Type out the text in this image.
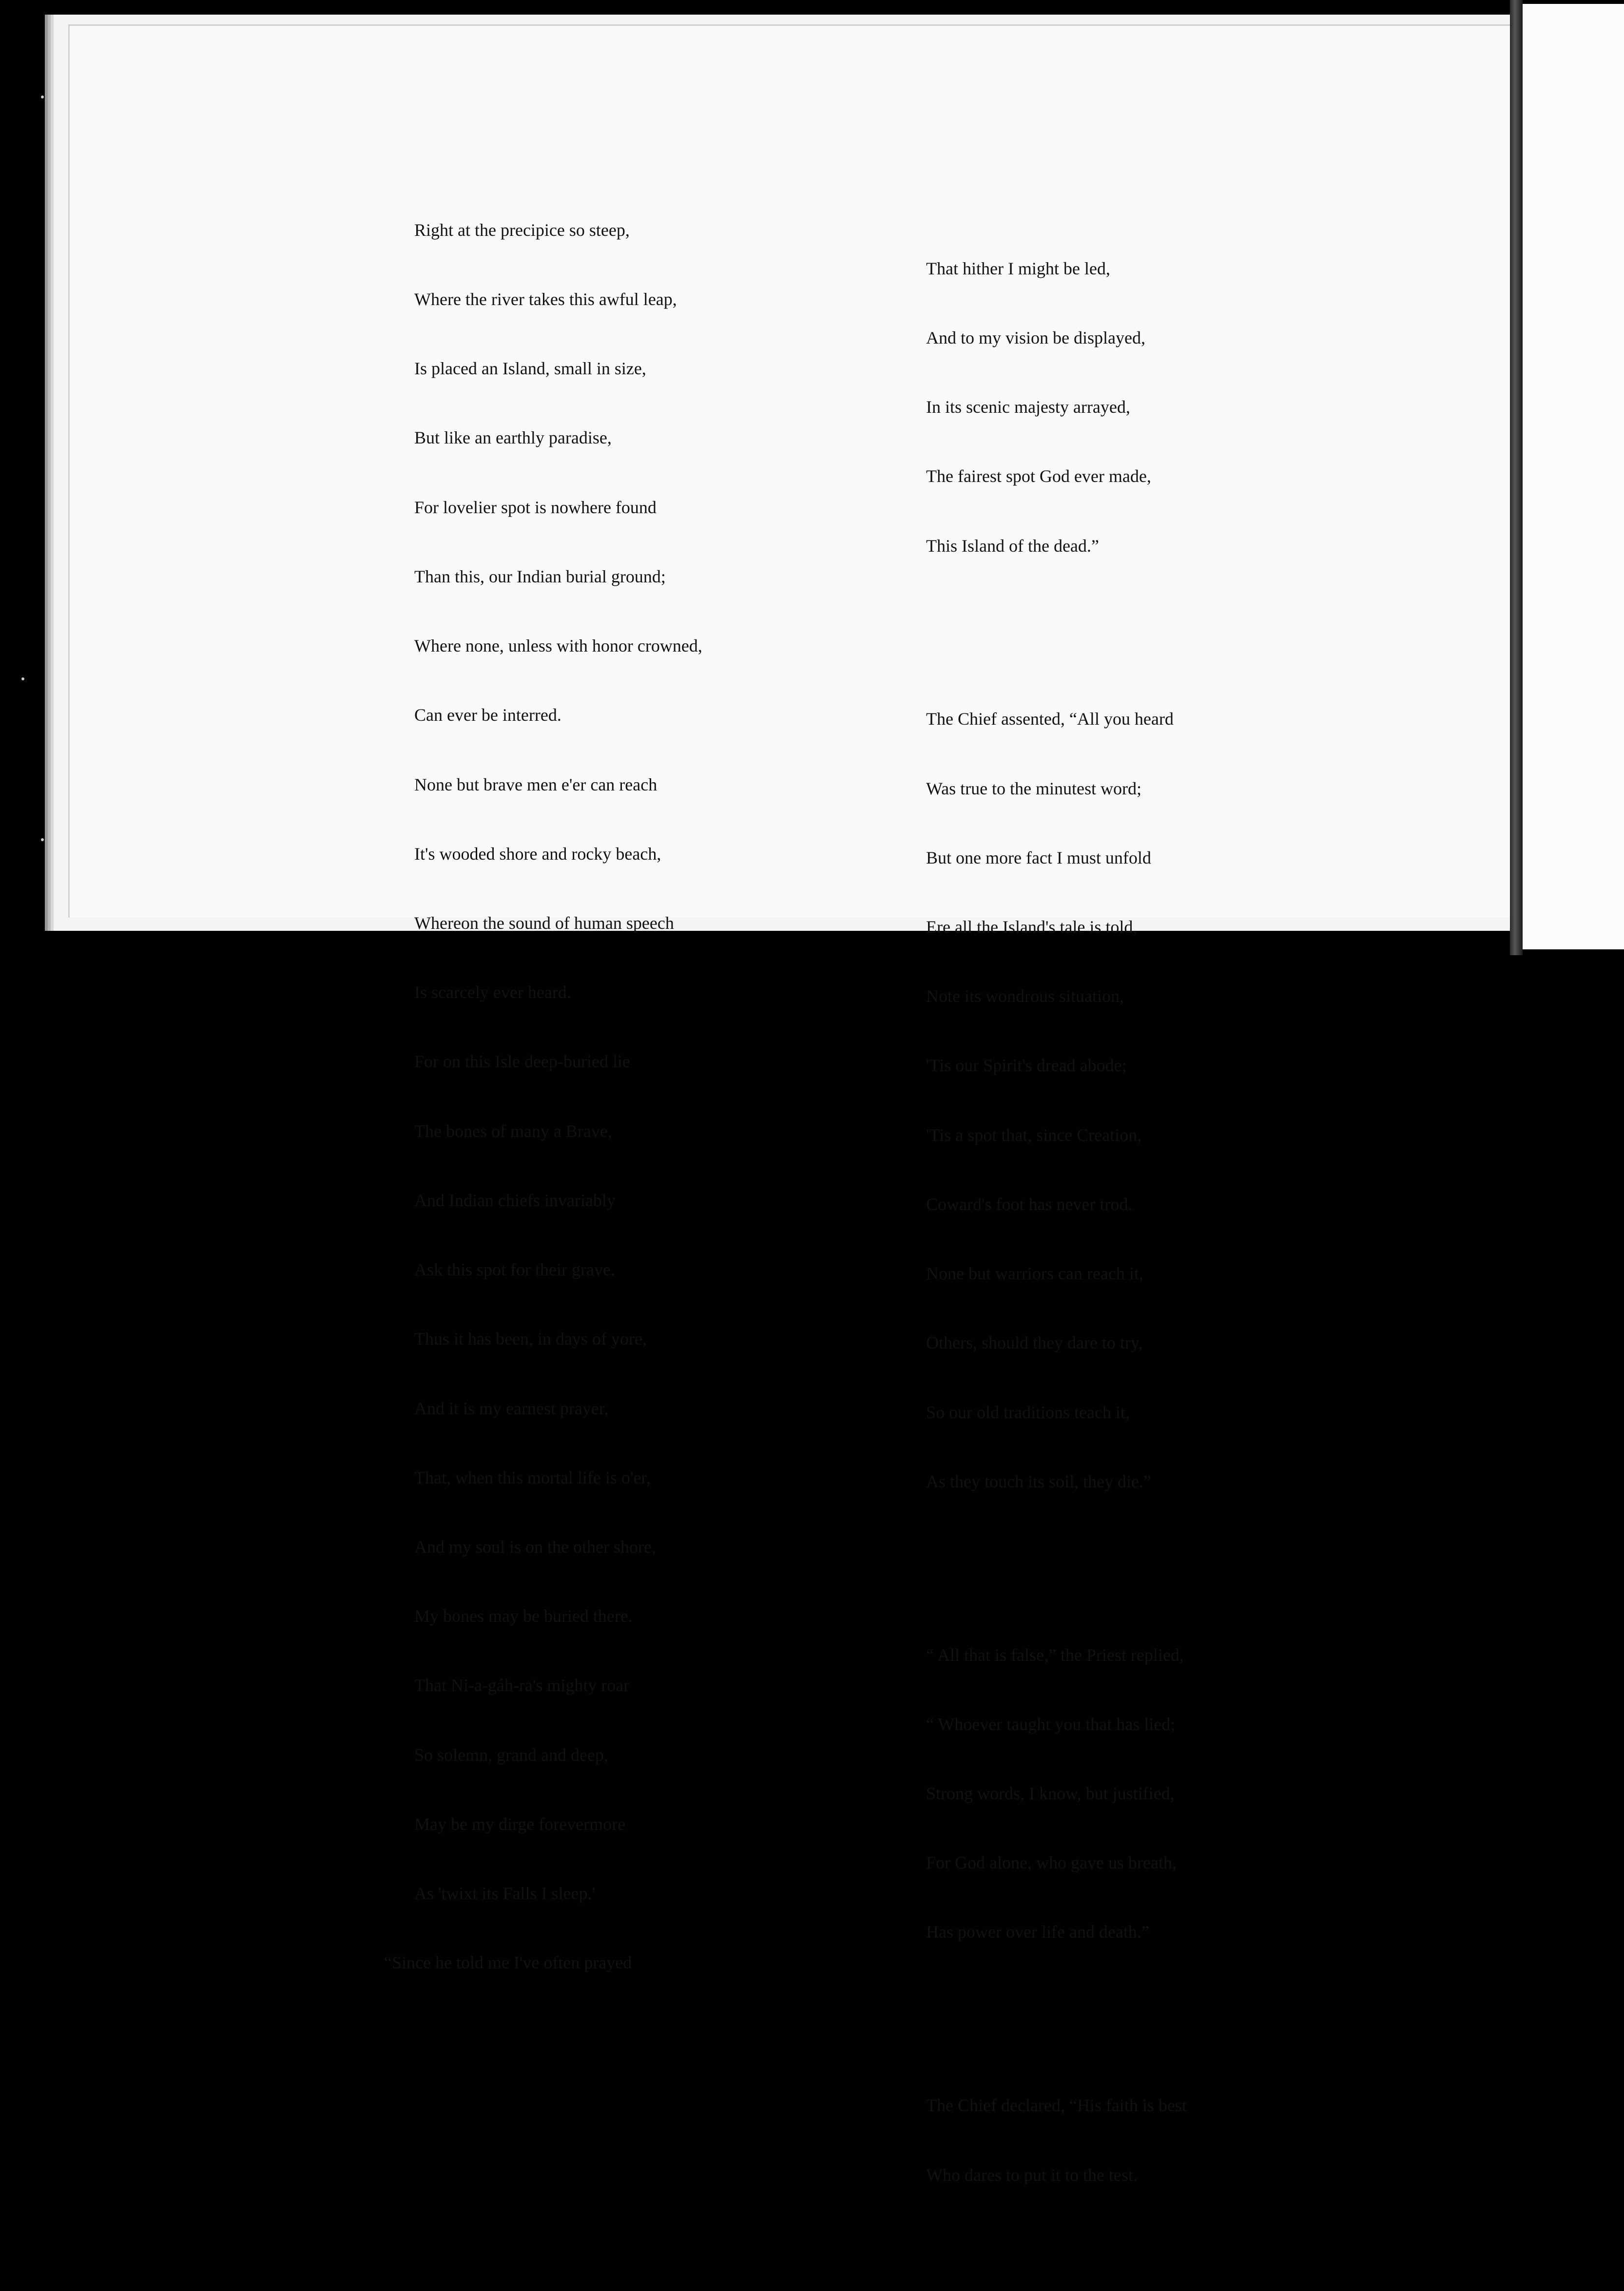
Right at the precipice so steep,

Where the river takes this awful leap,

Is placed an Island, small in size,

But like an earthly paradise,

For lovelier spot is nowhere found

Than this, our Indian burial ground;

Where none, unless with honor crowned,

Can ever be interred.

None but brave men e'er can reach

It's wooded shore and rocky beach,

Whereon the sound of human speech

Is scarcely ever heard.

For on this Isle deep-buried lie

The bones of many a Brave,

And Indian chiefs invariably

Ask this spot for their grave.

Thus it has been, in days of yore,

And it is my earnest prayer,

That, when this mortal life is o'er,

And my soul is on the other shore,

My bones may be buried there.

That Ni-a-gáh-ra's mighty roar

So solemn, grand and deep,

May be my dirge forevermore

As 'twixt its Falls I sleep.'

“Since he told me I've often prayed

That hither I might be led,

And to my vision be displayed,

In its scenic majesty arrayed,

The fairest spot God ever made,

This Island of the dead.”

The Chief assented, “All you heard

Was true to the minutest word;

But one more fact I must unfold

Ere all the Island's tale is told,

Note its wondrous situation,

'Tis our Spirit's dread abode;

'Tis a spot that, since Creation,

Coward's foot has never trod.

None but warriors can reach it,

Others, should they dare to try,

So our old traditions teach it,

As they touch its soil, they die.”

“ All that is false,” the Priest replied,

“ Whoever taught you that has lied;

Strong words, I know, but justified,

For God alone, who gave us breath,

Has power over life and death.”

The Chief declared, “His faith is best

Who dares to put it to the test.
